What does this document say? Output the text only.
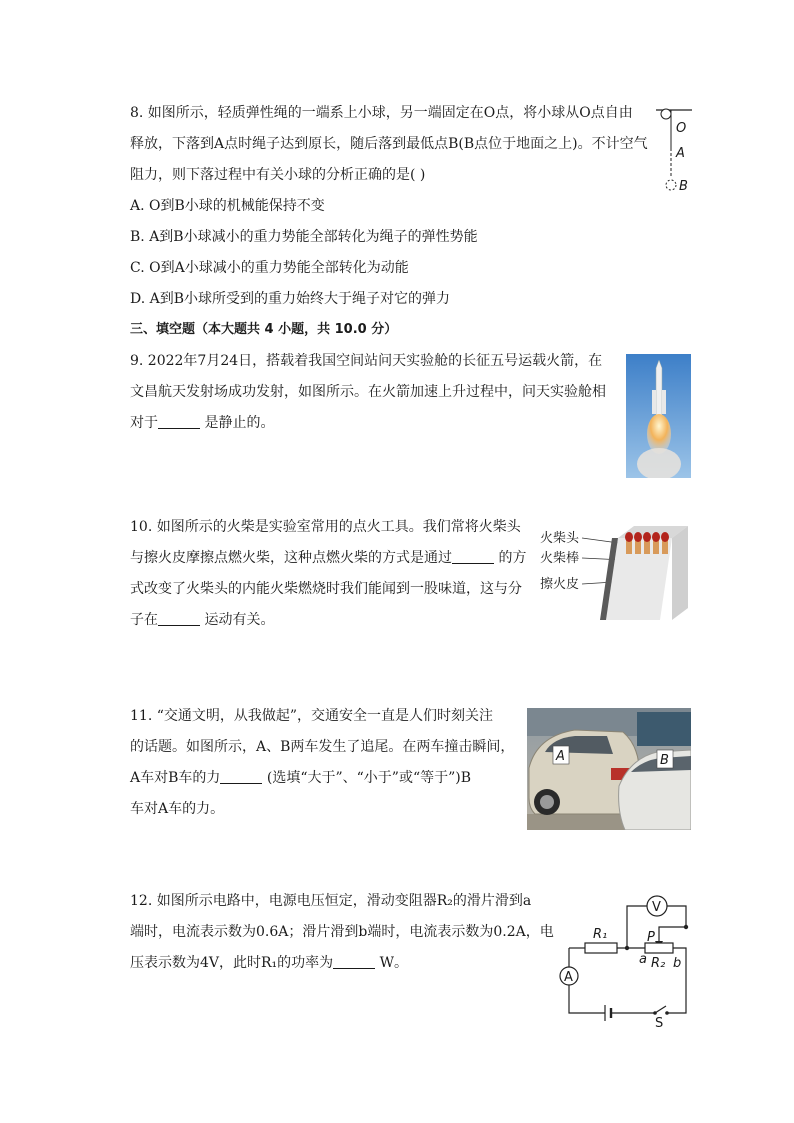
8. 如图所示，轻质弹性绳的一端系上小球，另一端固定在O点，将小球从O点自由
释放，下落到A点时绳子达到原长，随后落到最低点B(B点位于地面之上)。不计空气
阻力，则下落过程中有关小球的分析正确的是( )
A. O到B小球的机械能保持不变
B. A到B小球减小的重力势能全部转化为绳子的弹性势能
C. O到A小球减小的重力势能全部转化为动能
D. A到B小球所受到的重力始终大于绳子对它的弹力
O
A
B
三、填空题（本大题共 4 小题，共 10.0 分）
9. 2022年7月24日，搭载着我国空间站问天实验舱的长征五号运载火箭，在
文昌航天发射场成功发射，如图所示。在火箭加速上升过程中，问天实验舱相
对于	是静止的。
10. 如图所示的火柴是实验室常用的点火工具。我们常将火柴头
与擦火皮摩擦点燃火柴，这种点燃火柴的方式是通过	的方
式改变了火柴头的内能火柴燃烧时我们能闻到一股味道，这与分
子在	运动有关。
火柴头
火柴棒
擦火皮
11. “交通文明，从我做起”，交通安全一直是人们时刻关注
的话题。如图所示，A、B两车发生了追尾。在两车撞击瞬间，
A车对B车的力	(选填“大于”、“小于”或“等于”)B
车对A车的力。
A	B
12. 如图所示电路中，电源电压恒定，滑动变阻器R₂的滑片滑到a
端时，电流表示数为0.6A；滑片滑到b端时，电流表示数为0.2A，电
压表示数为4V，此时R₁的功率为	W。
V
A
R₁
R₂
P
a b
S
